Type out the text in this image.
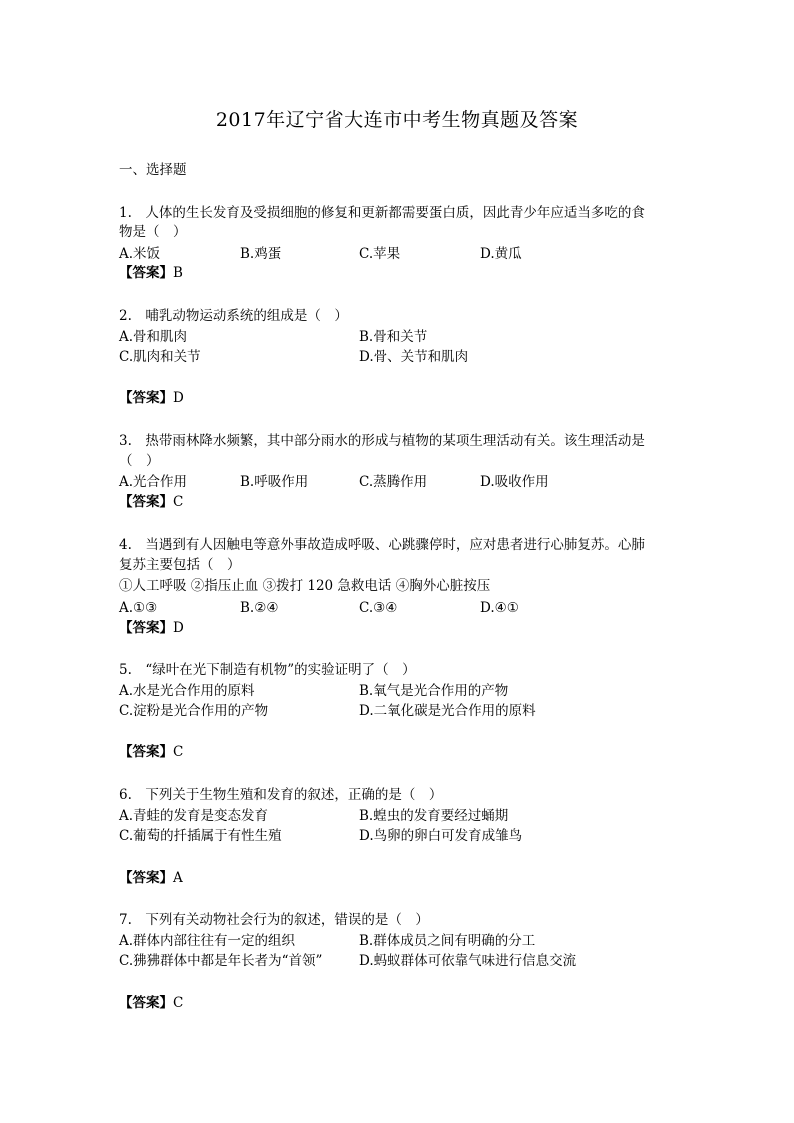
2017年辽宁省大连市中考生物真题及答案
一、选择题
1.　人体的生长发育及受损细胞的修复和更新都需要蛋白质，因此青少年应适当多吃的食
物是（　）
A.米饭	B.鸡蛋	C.苹果	D.黄瓜
【答案】B
2.　哺乳动物运动系统的组成是（　）
A.骨和肌肉	B.骨和关节
C.肌肉和关节	D.骨、关节和肌肉
【答案】D
3.　热带雨林降水频繁，其中部分雨水的形成与植物的某项生理活动有关。该生理活动是
（　）
A.光合作用	B.呼吸作用	C.蒸腾作用	D.吸收作用
【答案】C
4.　当遇到有人因触电等意外事故造成呼吸、心跳骤停时，应对患者进行心肺复苏。心肺
复苏主要包括（　）
①人工呼吸 ②指压止血 ③拨打 120 急救电话 ④胸外心脏按压
A.①③	B.②④	C.③④	D.④①
【答案】D
5.　“绿叶在光下制造有机物”的实验证明了（　）
A.水是光合作用的原料	B.氧气是光合作用的产物
C.淀粉是光合作用的产物	D.二氧化碳是光合作用的原料
【答案】C
6.　下列关于生物生殖和发育的叙述，正确的是（　）
A.青蛙的发育是变态发育	B.蝗虫的发育要经过蛹期
C.葡萄的扦插属于有性生殖	D.鸟卵的卵白可发育成雏鸟
【答案】A
7.　下列有关动物社会行为的叙述，错误的是（　）
A.群体内部往往有一定的组织	B.群体成员之间有明确的分工
C.狒狒群体中都是年长者为“首领”	D.蚂蚁群体可依靠气味进行信息交流
【答案】C
